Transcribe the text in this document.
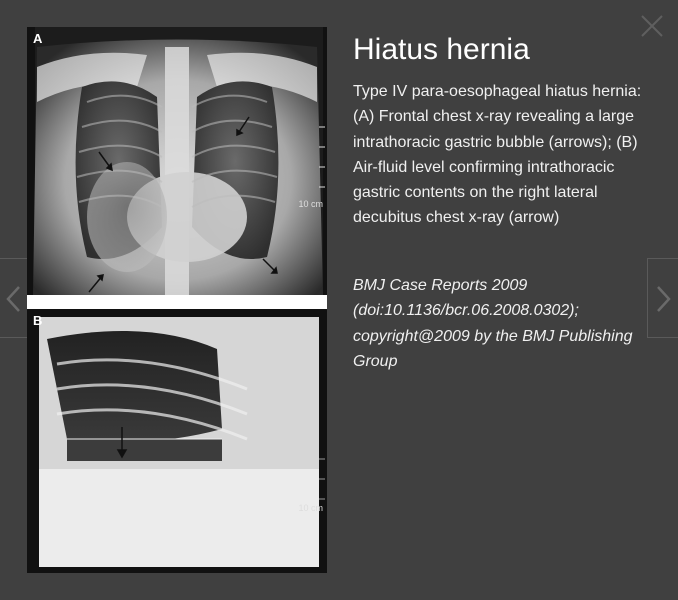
A
10 cm
B
10 cm
Hiatus hernia

Type IV para-oesophageal hiatus hernia: (A) Frontal chest x-ray revealing a large intrathoracic gastric bubble (arrows); (B) Air-fluid level confirming intrathoracic gastric contents on the right lateral decubitus chest x-ray (arrow)

BMJ Case Reports 2009 (doi:10.1136/bcr.06.2008.0302); copyright@2009 by the BMJ Publishing Group
